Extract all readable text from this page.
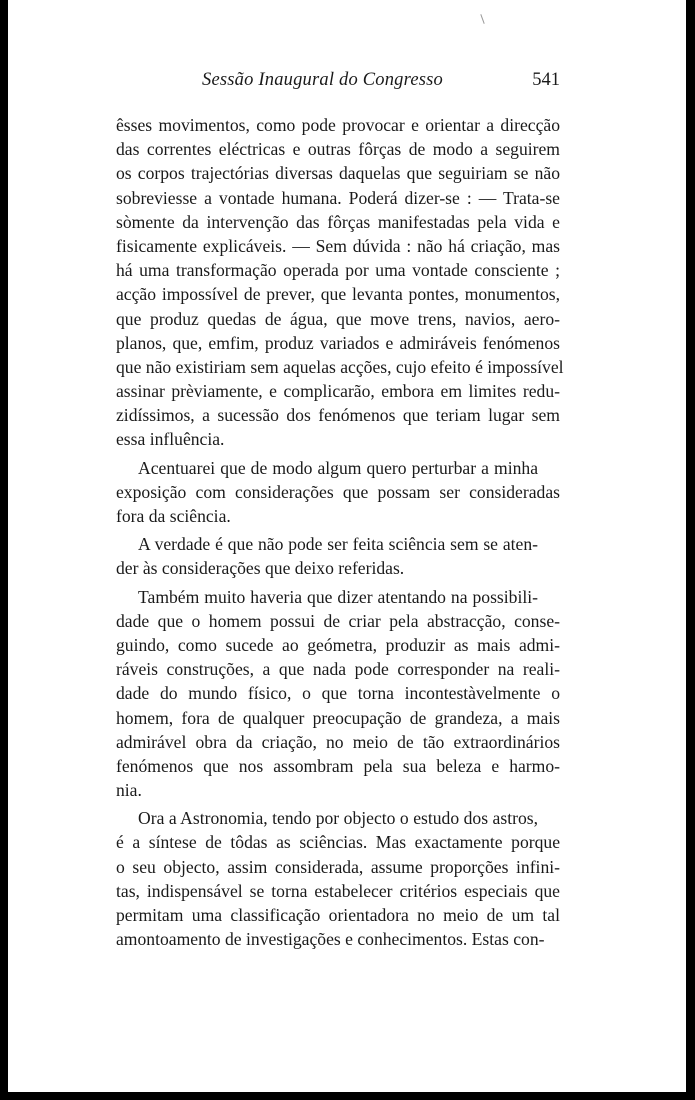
Sessão Inaugural do Congresso	541
êsses movimentos, como pode provocar e orientar a direcção
das correntes eléctricas e outras fôrças de modo a seguirem
os corpos trajectórias diversas daquelas que seguiriam se não
sobreviesse a vontade humana. Poderá dizer-se : — Trata-se
sòmente da intervenção das fôrças manifestadas pela vida e
fisicamente explicáveis. — Sem dúvida : não há criação, mas
há uma transformação operada por uma vontade consciente ;
acção impossível de prever, que levanta pontes, monumentos,
que produz quedas de água, que move trens, navios, aero-
planos, que, emfim, produz variados e admiráveis fenómenos
que não existiriam sem aquelas acções, cujo efeito é impossível
assinar prèviamente, e complicarão, embora em limites redu-
zidíssimos, a sucessão dos fenómenos que teriam lugar sem
essa influência.
Acentuarei que de modo algum quero perturbar a minha
exposição com considerações que possam ser consideradas
fora da sciência.
A verdade é que não pode ser feita sciência sem se aten-
der às considerações que deixo referidas.
Também muito haveria que dizer atentando na possibili-
dade que o homem possui de criar pela abstracção, conse-
guindo, como sucede ao geómetra, produzir as mais admi-
ráveis construções, a que nada pode corresponder na reali-
dade do mundo físico, o que torna incontestàvelmente o
homem, fora de qualquer preocupação de grandeza, a mais
admirável obra da criação, no meio de tão extraordinários
fenómenos que nos assombram pela sua beleza e harmo-
nia.
Ora a Astronomia, tendo por objecto o estudo dos astros,
é a síntese de tôdas as sciências. Mas exactamente porque
o seu objecto, assim considerada, assume proporções infini-
tas, indispensável se torna estabelecer critérios especiais que
permitam uma classificação orientadora no meio de um tal
amontoamento de investigações e conhecimentos. Estas con-
